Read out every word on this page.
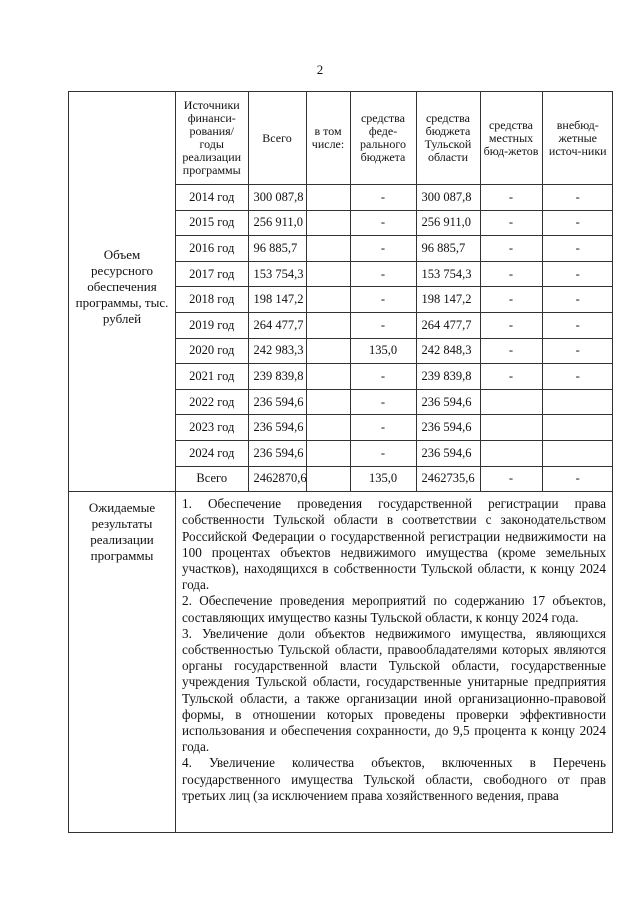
2
Объем ресурсного обеспечения программы, тыс. рублей

Источники финанси-рования/ годы реализации программы	Всего	в том числе:	средства феде-рального бюджета	средства бюджета Тульской области	средства местных бюд-жетов	внебюд-жетные источ-ники
2014 год	300 087,8		-	300 087,8	-	-
2015 год	256 911,0		-	256 911,0	-	-
2016 год	96 885,7		-	96 885,7	-	-
2017 год	153 754,3		-	153 754,3	-	-
2018 год	198 147,2		-	198 147,2	-	-
2019 год	264 477,7		-	264 477,7	-	-
2020 год	242 983,3		135,0	242 848,3	-	-
2021 год	239 839,8		-	239 839,8	-	-
2022 год	236 594,6		-	236 594,6		
2023 год	236 594,6		-	236 594,6		
2024 год	236 594,6		-	236 594,6		
Всего	2462870,6		135,0	2462735,6	-	-

Ожидаемые результаты реализации программы

1. Обеспечение проведения государственной регистрации права собственности Тульской области в соответствии с законодательством Российской Федерации о государственной регистрации недвижимости на 100 процентах объектов недвижимого имущества (кроме земельных участков), находящихся в собственности Тульской области, к концу 2024 года.

2. Обеспечение проведения мероприятий по содержанию 17 объектов, составляющих имущество казны Тульской области, к концу 2024 года.

3. Увеличение доли объектов недвижимого имущества, являющихся собственностью Тульской области, правообладателями которых являются органы государственной власти Тульской области, государственные учреждения Тульской области, государственные унитарные предприятия Тульской области, а также организации иной организационно-правовой формы, в отношении которых проведены проверки эффективности использования и обеспечения сохранности, до 9,5 процента к концу 2024 года.

4. Увеличение количества объектов, включенных в Перечень государственного имущества Тульской области, свободного от прав третьих лиц (за исключением права хозяйственного ведения, права
